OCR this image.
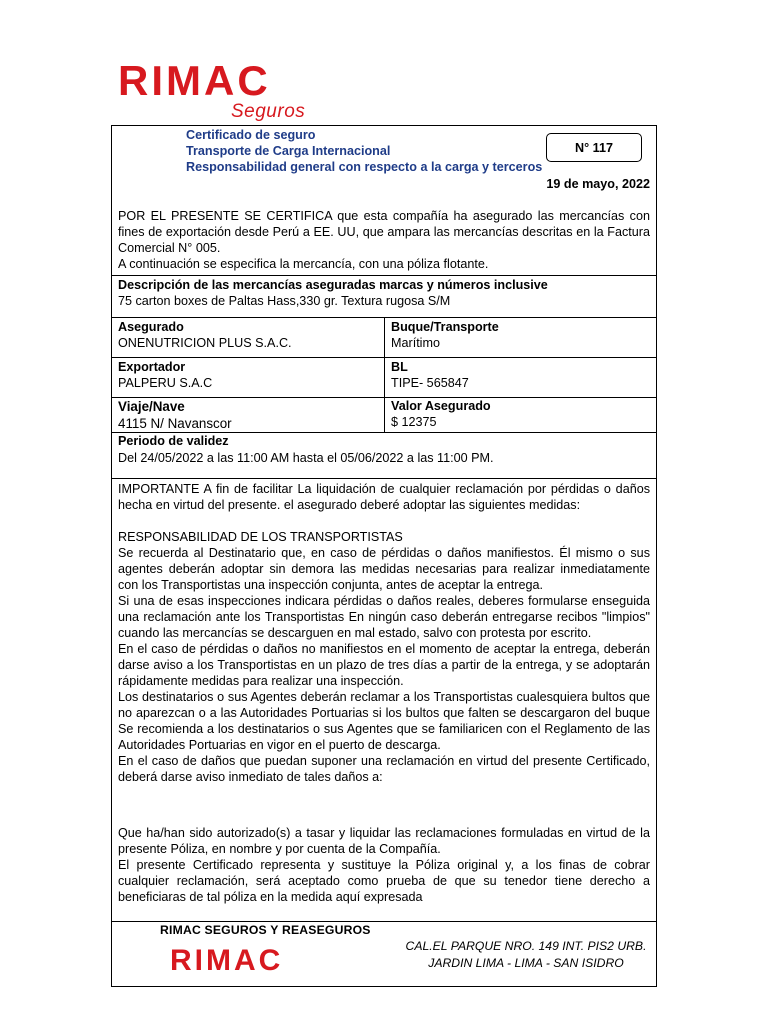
RIMAC
Seguros
Certificado de seguro
Transporte de Carga Internacional
Responsabilidad general con respecto a la carga y terceros
N° 117
19 de mayo, 2022

POR EL PRESENTE SE CERTIFICA que esta compañía ha asegurado las mercancías con fines de exportación desde Perú a EE. UU, que ampara las mercancías descritas en la Factura Comercial N° 005.

A continuación se especifica la mercancía, con una póliza flotante.

Descripción de las mercancías aseguradas marcas y números inclusive
75 carton boxes de Paltas Hass,330 gr. Textura rugosa S/M
Asegurado
ONENUTRICION PLUS S.A.C.
Buque/Transporte
Marítimo
Exportador
PALPERU S.A.C
BL
TIPE- 565847
Viaje/Nave
4115 N/ Navanscor
Valor Asegurado
$ 12375
Periodo de validez
Del 24/05/2022 a las 11:00 AM hasta el 05/06/2022 a las 11:00 PM.

IMPORTANTE A fin de facilitar La liquidación de cualquier reclamación por pérdidas o daños hecha en virtud del presente. el asegurado deberé adoptar las siguientes medidas:

RESPONSABILIDAD DE LOS TRANSPORTISTAS

Se recuerda al Destinatario que, en caso de pérdidas o daños manifiestos. Él mismo o sus agentes deberán adoptar sin demora las medidas necesarias para realizar inmediatamente con los Transportistas una inspección conjunta, antes de aceptar la entrega.

Si una de esas inspecciones indicara pérdidas o daños reales, deberes formularse enseguida una reclamación ante los Transportistas En ningún caso deberán entregarse recibos "limpios" cuando las mercancías se descarguen en mal estado, salvo con protesta por escrito.

En el caso de pérdidas o daños no manifiestos en el momento de aceptar la entrega, deberán darse aviso a los Transportistas en un plazo de tres días a partir de la entrega, y se adoptarán rápidamente medidas para realizar una inspección.

Los destinatarios o sus Agentes deberán reclamar a los Transportistas cualesquiera bultos que no aparezcan o a las Autoridades Portuarias si los bultos que falten se descargaron del buque Se recomienda a los destinatarios o sus Agentes que se familiaricen con el Reglamento de las Autoridades Portuarias en vigor en el puerto de descarga.

En el caso de daños que puedan suponer una reclamación en virtud del presente Certificado, deberá darse aviso inmediato de tales daños a:

Que ha/han sido autorizado(s) a tasar y liquidar las reclamaciones formuladas en virtud de la presente Póliza, en nombre y por cuenta de la Compañía.

El presente Certificado representa y sustituye la Póliza original y, a los finas de cobrar cualquier reclamación, será aceptado como prueba de que su tenedor tiene derecho a beneficiaras de tal póliza en la medida aquí expresada

RIMAC SEGUROS Y REASEGUROS
RIMAC	CAL.EL PARQUE NRO. 149 INT. PIS2 URB.
JARDIN LIMA - LIMA - SAN ISIDRO
